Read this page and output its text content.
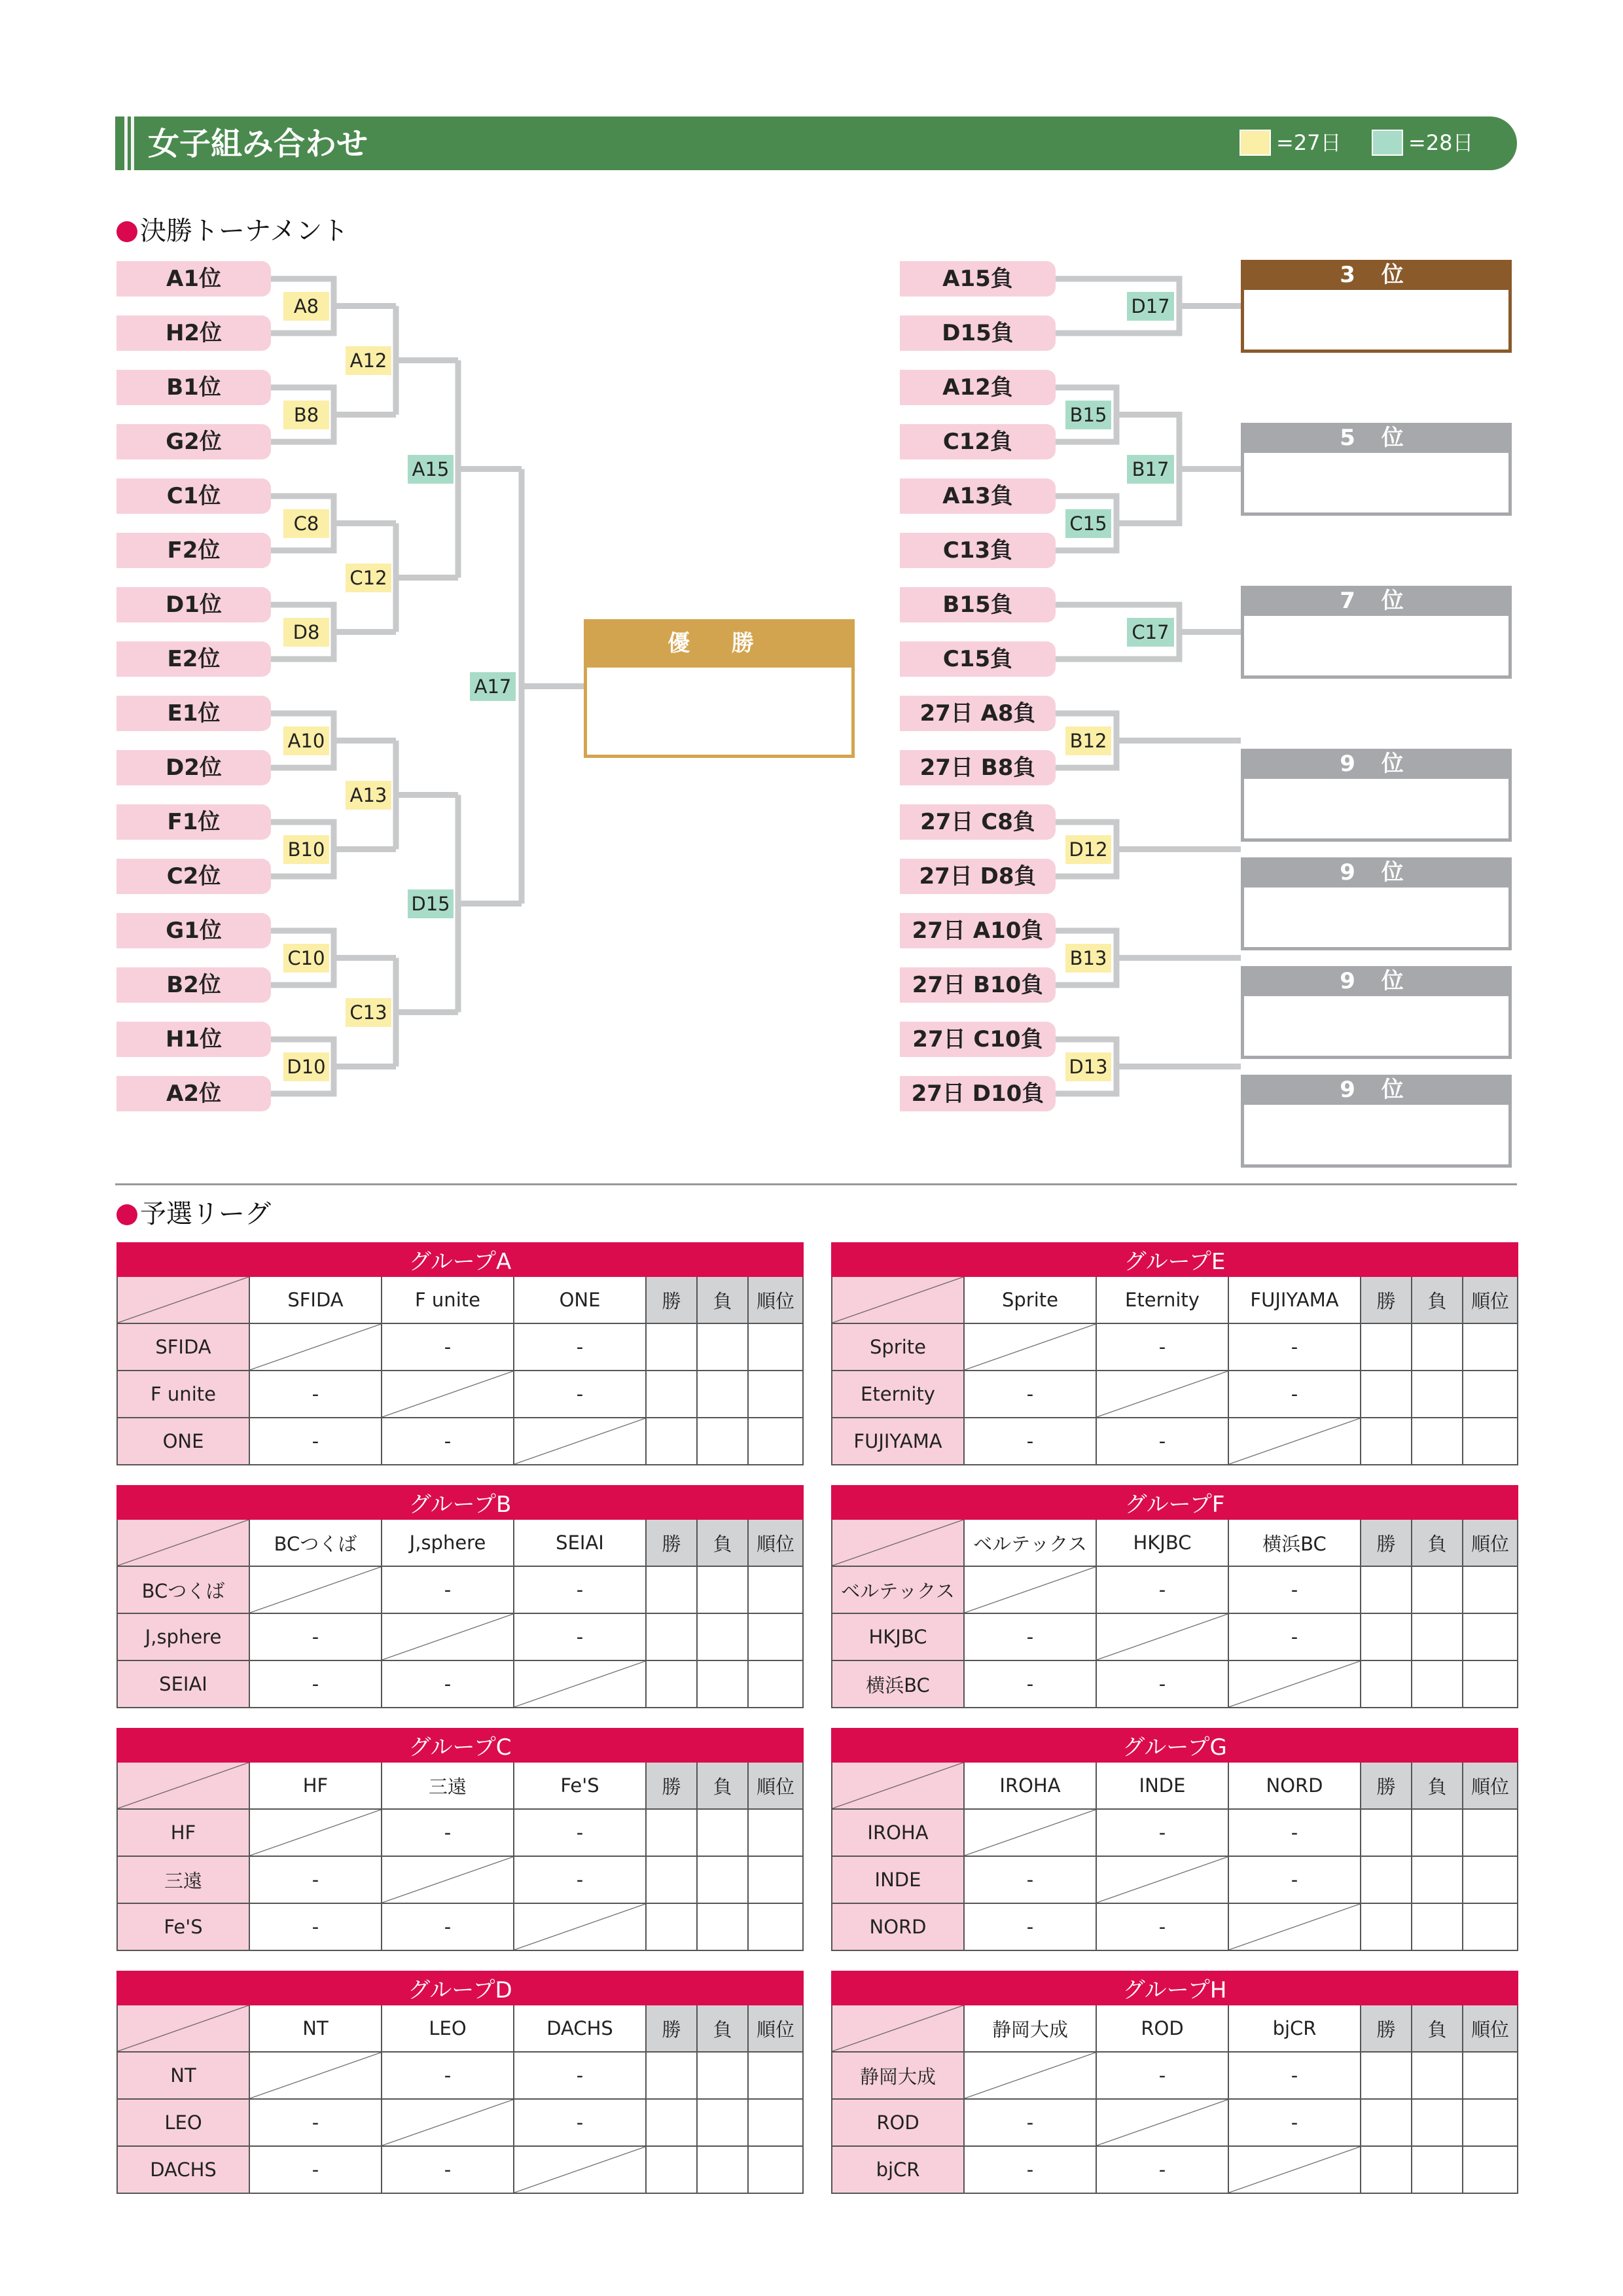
女子組み合わせ	=27日	=28日
決勝トーナメント
予選リーグ
A1位
H2位
B1位
G2位
C1位
F2位
D1位
E2位
E1位
D2位
F1位
C2位
G1位
B2位
H1位
A2位
A8
B8
C8
D8
A10
B10
C10
D10
A12
C12
A13
C13
A15
D15
A17
優 勝
A15負
D15負
D17
3 位
A12負
C12負
A13負
C13負
B15
C15
B17
5 位
B15負
C15負
C17
7 位
27日 A8負
27日 B8負
B12
9 位
27日 C8負
27日 D8負
D12
9 位
27日 A10負
27日 B10負
B13
9 位
27日 C10負
27日 D10負
D13
9 位
グループA						
	SFIDA	F unite	ONE	勝	負	順位
SFIDA		-	-			
F unite	-		-			
ONE	-	-				
グループB						
	BCつくば	J,sphere	SEIAI	勝	負	順位
BCつくば		-	-			
J,sphere	-		-			
SEIAI	-	-				
グループC						
	HF	三遠	Fe'S	勝	負	順位
HF		-	-			
三遠	-		-			
Fe'S	-	-				
グループD						
	NT	LEO	DACHS	勝	負	順位
NT		-	-			
LEO	-		-			
DACHS	-	-				
グループE						
	Sprite	Eternity	FUJIYAMA	勝	負	順位
Sprite		-	-			
Eternity	-		-			
FUJIYAMA	-	-				
グループF						
	ベルテックス	HKJBC	横浜BC	勝	負	順位
ベルテックス		-	-			
HKJBC	-		-			
横浜BC	-	-				
グループG						
	IROHA	INDE	NORD	勝	負	順位
IROHA		-	-			
INDE	-		-			
NORD	-	-				
グループH						
	静岡大成	ROD	bjCR	勝	負	順位
静岡大成		-	-			
ROD	-		-			
bjCR	-	-				
